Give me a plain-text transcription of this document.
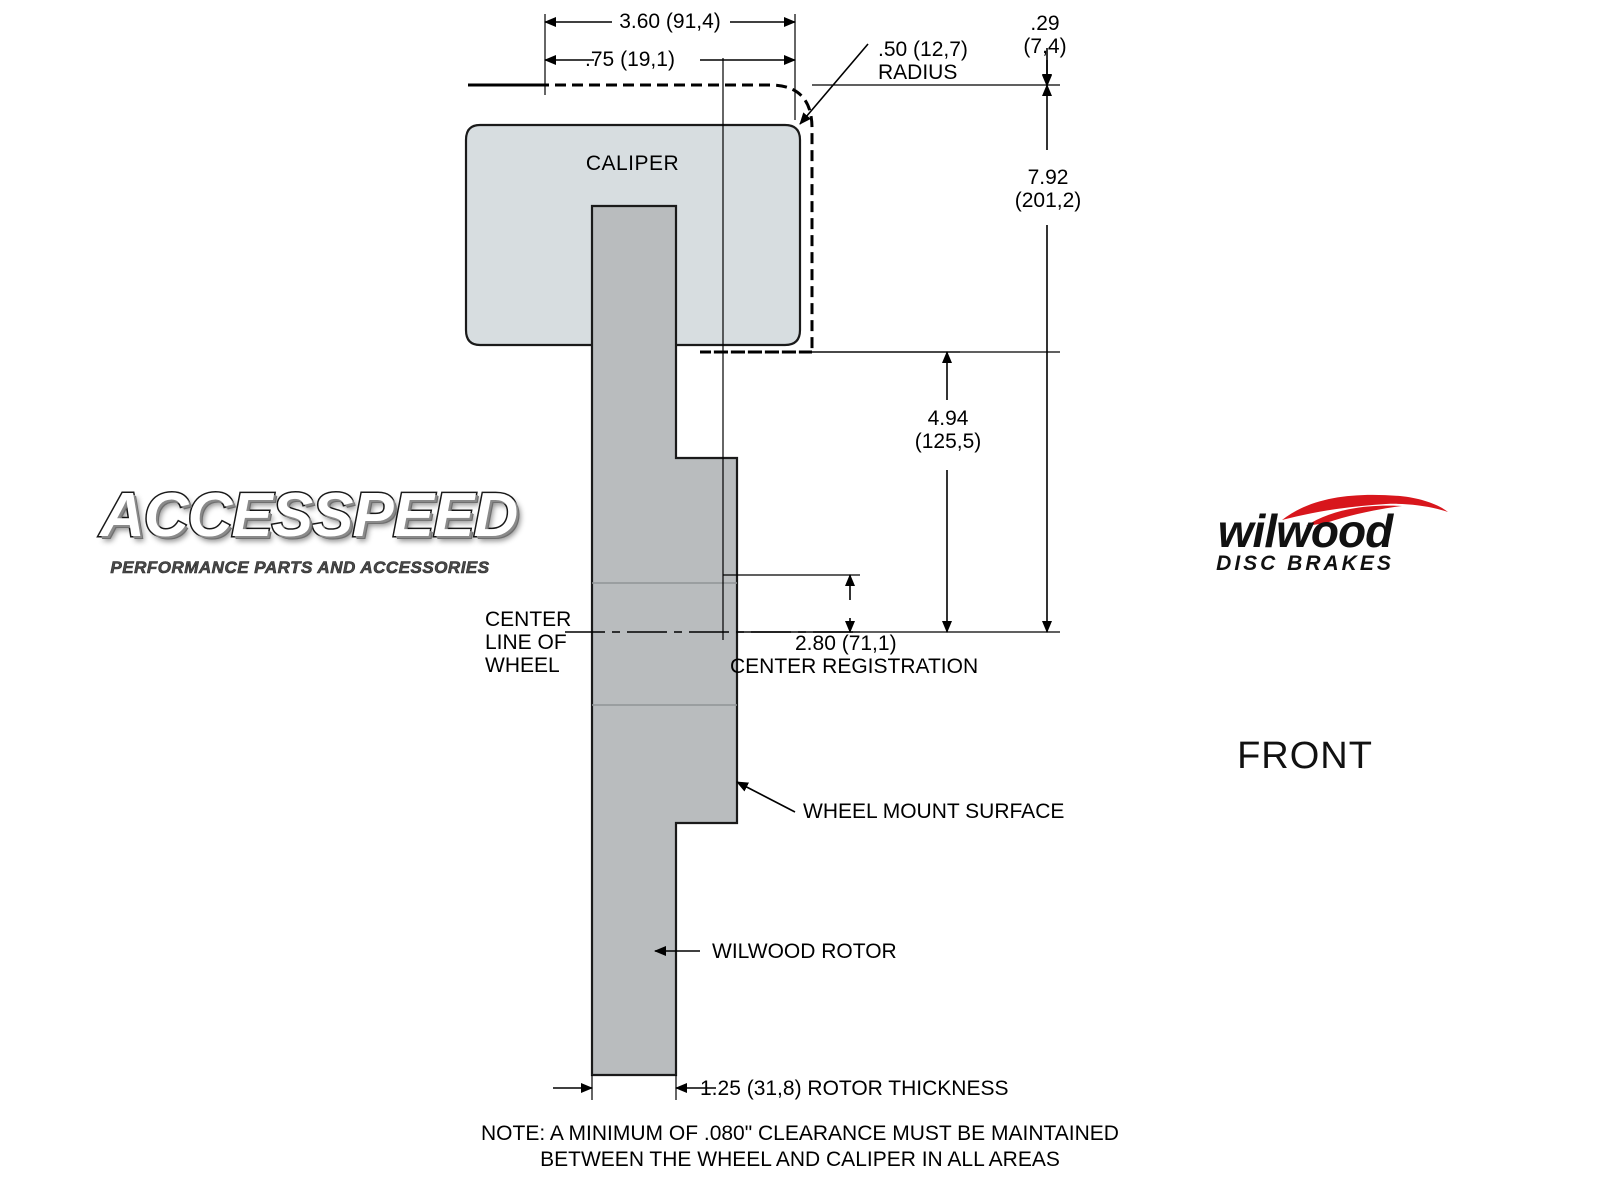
3.60 (91,4)
.75 (19,1)	.50 (12,7)
RADIUS
.29
(7,4)
7.92
(201,2)
4.94
(125,5)
2.80 (71,1)
CENTER REGISTRATION
CALIPER
CENTER
LINE OF
WHEEL
WHEEL MOUNT SURFACE
WILWOOD ROTOR
1.25 (31,8) ROTOR THICKNESS
NOTE: A MINIMUM OF .080" CLEARANCE MUST BE MAINTAINED
BETWEEN THE WHEEL AND CALIPER IN ALL AREAS
FRONT
ACCESSPEED
PERFORMANCE PARTS AND ACCESSORIES
wilwood
DISC BRAKES
